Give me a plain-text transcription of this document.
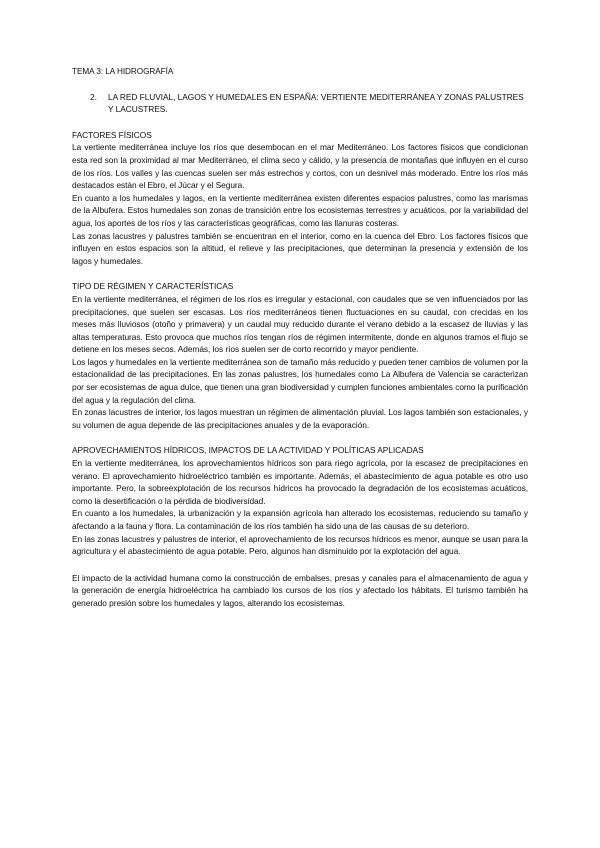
TEMA 3: LA HIDROGRAFÍA

2.	LA RED FLUVIAL, LAGOS Y HUMEDALES EN ESPAÑA: VERTIENTE MEDITERRÁNEA Y ZONAS PALUSTRES Y LACUSTRES.

FACTORES FÍSICOS

La vertiente mediterránea incluye los ríos que desembocan en el mar Mediterráneo. Los factores físicos que condicionan esta red son la proximidad al mar Mediterráneo, el clima seco y cálido, y la presencia de montañas que influyen en el curso de los ríos. Los valles y las cuencas suelen ser más estrechos y cortos, con un desnivel más moderado. Entre los ríos más destacados están el Ebro, el Júcar y el Segura.

En cuanto a los humedales y lagos, en la vertiente mediterránea existen diferentes espacios palustres, como las marismas de la Albufera. Estos humedales son zonas de transición entre los ecosistemas terrestres y acuáticos, por la variabilidad del agua, los aportes de los ríos y las características geográficas, como las llanuras costeras.

Las zonas lacustres y palustres también se encuentran en el interior, como en la cuenca del Ebro. Los factores físicos que influyen en estos espacios son la altitud, el relieve y las precipitaciones, que determinan la presencia y extensión de los lagos y humedales.

TIPO DE RÉGIMEN Y CARACTERÍSTICAS

En la vertiente mediterránea, el régimen de los ríos es irregular y estacional, con caudales que se ven influenciados por las precipitaciones, que suelen ser escasas. Los ríos mediterráneos tienen fluctuaciones en su caudal, con crecidas en los meses más lluviosos (otoño y primavera) y un caudal muy reducido durante el verano debido a la escasez de lluvias y las altas temperaturas. Esto provoca que muchos ríos tengan ríos de régimen intermitente, donde en algunos tramos el flujo se detiene en los meses secos. Además, los ríos suelen ser de corto recorrido y mayor pendiente.

Los lagos y humedales en la vertiente mediterránea son de tamaño más reducido y pueden tener cambios de volumen por la estacionalidad de las precipitaciones. En las zonas palustres, los humedales como La Albufera de Valencia se caracterizan por ser ecosistemas de agua dulce, que tienen una gran biodiversidad y cumplen funciones ambientales como la purificación del agua y la regulación del clima.

En zonas lacustres de interior, los lagos muestran un régimen de alimentación pluvial. Los lagos también son estacionales, y su volumen de agua depende de las precipitaciones anuales y de la evaporación.

APROVECHAMIENTOS HÍDRICOS, IMPACTOS DE LA ACTIVIDAD Y POLÍTICAS APLICADAS

En la vertiente mediterránea, los aprovechamientos hídricos son para riego agrícola, por la escasez de precipitaciones en verano. El aprovechamiento hidroeléctrico también es importante. Además, el abastecimiento de agua potable es otro uso importante. Pero, la sobreexplotación de los recursos hídricos ha provocado la degradación de los ecosistemas acuáticos, como la desertificación o la pérdida de biodiversidad.

En cuanto a los humedales, la urbanización y la expansión agrícola han alterado los ecosistemas, reduciendo su tamaño y afectando a la fauna y flora. La contaminación de los ríos también ha sido una de las causas de su deterioro.

En las zonas lacustres y palustres de interior, el aprovechamiento de los recursos hídricos es menor, aunque se usan para la agricultura y el abastecimiento de agua potable. Pero, algunos han disminuido por la explotación del agua.

El impacto de la actividad humana como la construcción de embalses, presas y canales para el almacenamiento de agua y la generación de energía hidroeléctrica ha cambiado los cursos de los ríos y afectado los hábitats. El turismo también ha generado presión sobre los humedales y lagos, alterando los ecosistemas.
